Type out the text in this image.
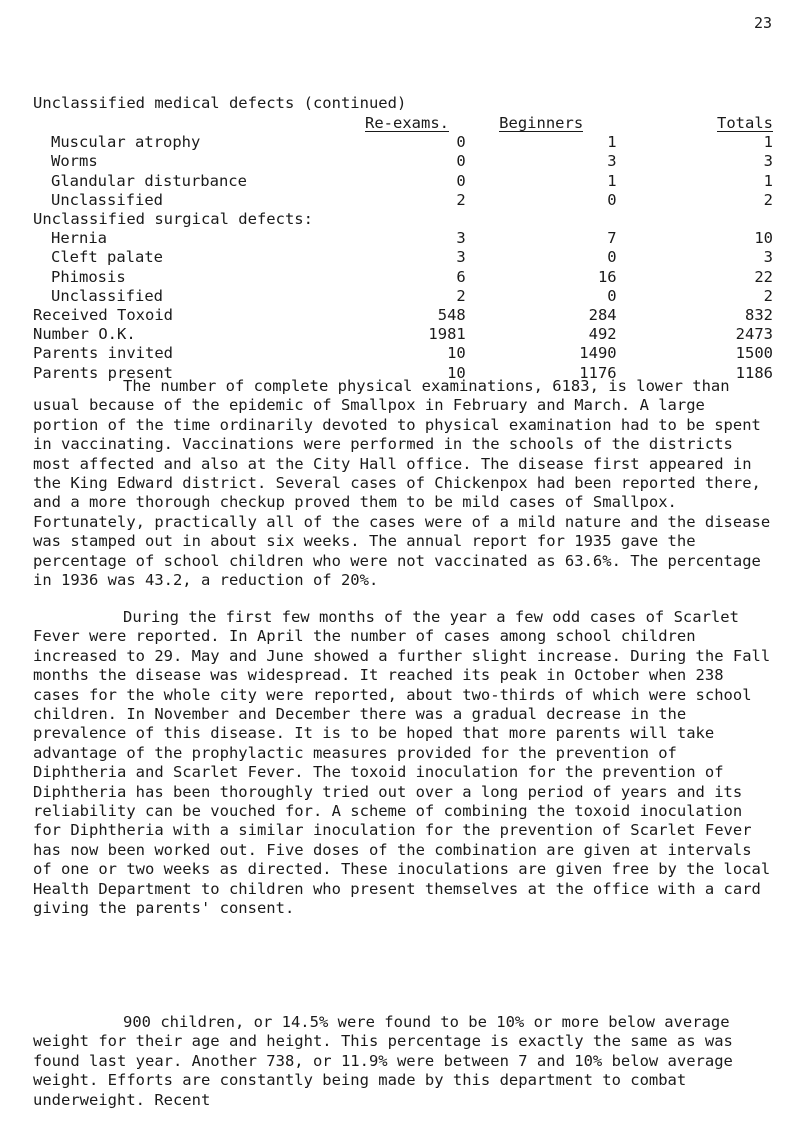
23
Unclassified medical defects (continued)
	Re-exams.	Beginners	Totals
Muscular atrophy	0	1	1
Worms	0	3	3
Glandular disturbance	0	1	1
Unclassified	2	0	2
Unclassified surgical defects:			
Hernia	3	7	10
Cleft palate	3	0	3
Phimosis	6	16	22
Unclassified	2	0	2
Received Toxoid	548	284	832
Number O.K.	1981	492	2473
Parents invited	10	1490	1500
Parents present	10	1176	1186

The number of complete physical examinations, 6183, is lower than usual because of the epidemic of Smallpox in February and March. A large portion of the time ordinarily devoted to physical examination had to be spent in vaccinating. Vaccinations were performed in the schools of the districts most affected and also at the City Hall office. The disease first appeared in the King Edward district. Several cases of Chickenpox had been reported there, and a more thorough checkup proved them to be mild cases of Smallpox. Fortunately, practically all of the cases were of a mild nature and the disease was stamped out in about six weeks. The annual report for 1935 gave the percentage of school children who were not vaccinated as 63.6%. The percentage in 1936 was 43.2, a reduction of 20%.

During the first few months of the year a few odd cases of Scarlet Fever were reported. In April the number of cases among school children increased to 29. May and June showed a further slight increase. During the Fall months the disease was widespread. It reached its peak in October when 238 cases for the whole city were reported, about two-thirds of which were school children. In November and December there was a gradual decrease in the prevalence of this disease. It is to be hoped that more parents will take advantage of the prophylactic measures provided for the prevention of Diphtheria and Scarlet Fever. The toxoid inoculation for the prevention of Diphtheria has been thoroughly tried out over a long period of years and its reliability can be vouched for. A scheme of combining the toxoid inoculation for Diphtheria with a similar inoculation for the prevention of Scarlet Fever has now been worked out. Five doses of the combination are given at intervals of one or two weeks as directed. These inoculations are given free by the local Health Department to children who present themselves at the office with a card giving the parents' consent.

900 children, or 14.5% were found to be 10% or more below average weight for their age and height. This percentage is exactly the same as was found last year. Another 738, or 11.9% were between 7 and 10% below average weight. Efforts are constantly being made by this department to combat underweight. Recent
